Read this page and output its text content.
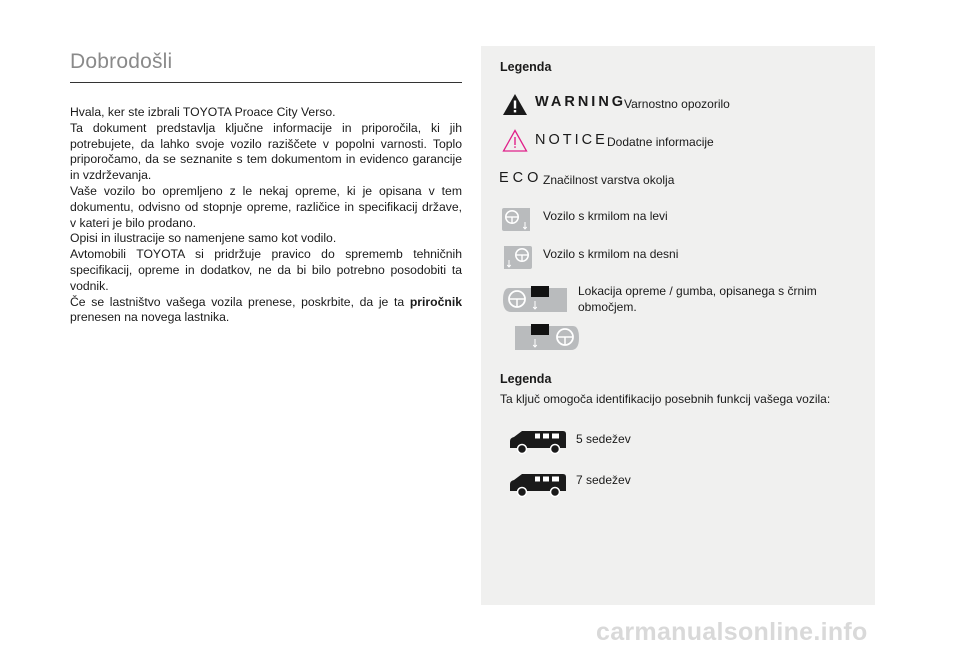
Dobrodošli

Hvala, ker ste izbrali TOYOTA Proace City Verso.

Ta dokument predstavlja ključne informacije in priporočila, ki jih potrebujete, da lahko svoje vozilo raziščete v popolni varnosti. Toplo priporočamo, da se seznanite s tem dokumentom in evidenco garancije in vzdrževanja.

Vaše vozilo bo opremljeno z le nekaj opreme, ki je opisana v tem dokumentu, odvisno od stopnje opreme, različice in specifikacij države, v kateri je bilo prodano.

Opisi in ilustracije so namenjene samo kot vodilo.

Avtomobili TOYOTA si pridržuje pravico do sprememb tehničnih specifikacij, opreme in dodatkov, ne da bi bilo potrebno posodobiti ta vodnik.

Če se lastništvo vašega vozila prenese, poskrbite, da je ta priročnik prenesen na novega lastnika.

Legenda
WARNING
Varnostno opozorilo
NOTICE Dodatne informacije
ECO Značilnost varstva okolja
Vozilo s krmilom na levi
Vozilo s krmilom na desni
Lokacija opreme / gumba, opisanega s črnim območjem.
Legenda
Ta ključ omogoča identifikacijo posebnih funkcij vašega vozila:
5 sedežev
7 sedežev
carmanualsonline.info
